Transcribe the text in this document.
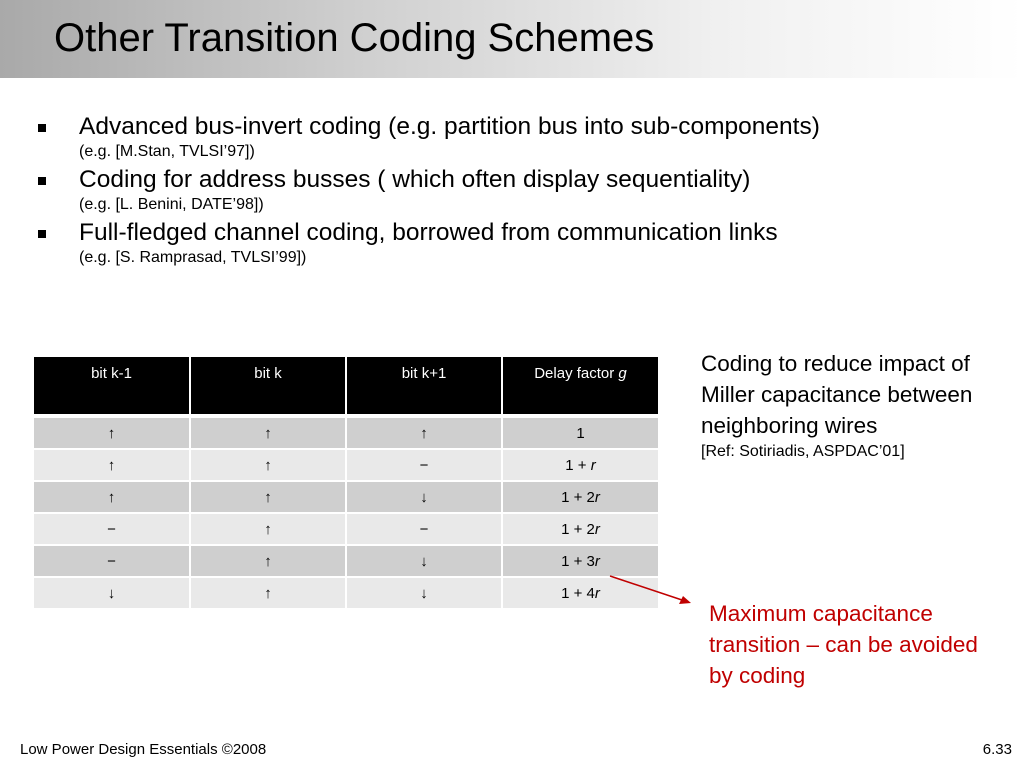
Other Transition Coding Schemes
Advanced bus-invert coding (e.g. partition bus into sub-components)
(e.g. [M.Stan, TVLSI’97])
Coding for address busses ( which often display sequentiality)
(e.g. [L. Benini, DATE’98])
Full-fledged channel coding, borrowed from communication links
(e.g. [S. Ramprasad, TVLSI’99])
bit k-1	bit k	bit k+1	Delay factor g
↑	↑	↑	1
↑	↑	−	1 + r
↑	↑	↓	1 + 2r
−	↑	−	1 + 2r
−	↑	↓	1 + 3r
↓	↑	↓	1 + 4r
Coding to reduce impact of Miller capacitance between neighboring wires
[Ref: Sotiriadis, ASPDAC’01]
Maximum capacitance transition – can be avoided by coding
Low Power Design Essentials ©2008	6.33
